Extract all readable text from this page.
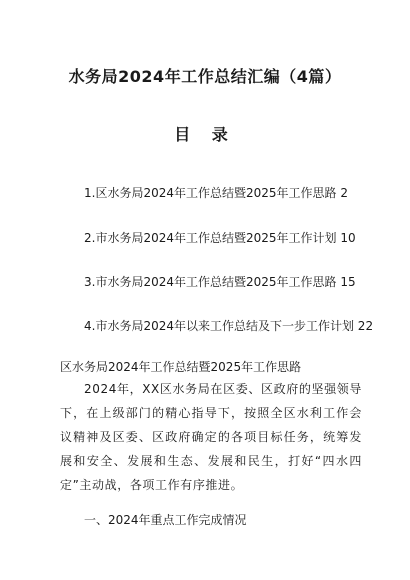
水务局2024年工作总结汇编（4篇）
目 录
1.区水务局2024年工作总结暨2025年工作思路 2
2.市水务局2024年工作总结暨2025年工作计划 10
3.市水务局2024年工作总结暨2025年工作思路 15
4.市水务局2024年以来工作总结及下一步工作计划 22
区水务局2024年工作总结暨2025年工作思路

2024年，XX区水务局在区委、区政府的坚强领导下，在上级部门的精心指导下，按照全区水利工作会议精神及区委、区政府确定的各项目标任务，统筹发展和安全、发展和生态、发展和民生，打好“四水四定”主动战，各项工作有序推进。

一、2024年重点工作完成情况
